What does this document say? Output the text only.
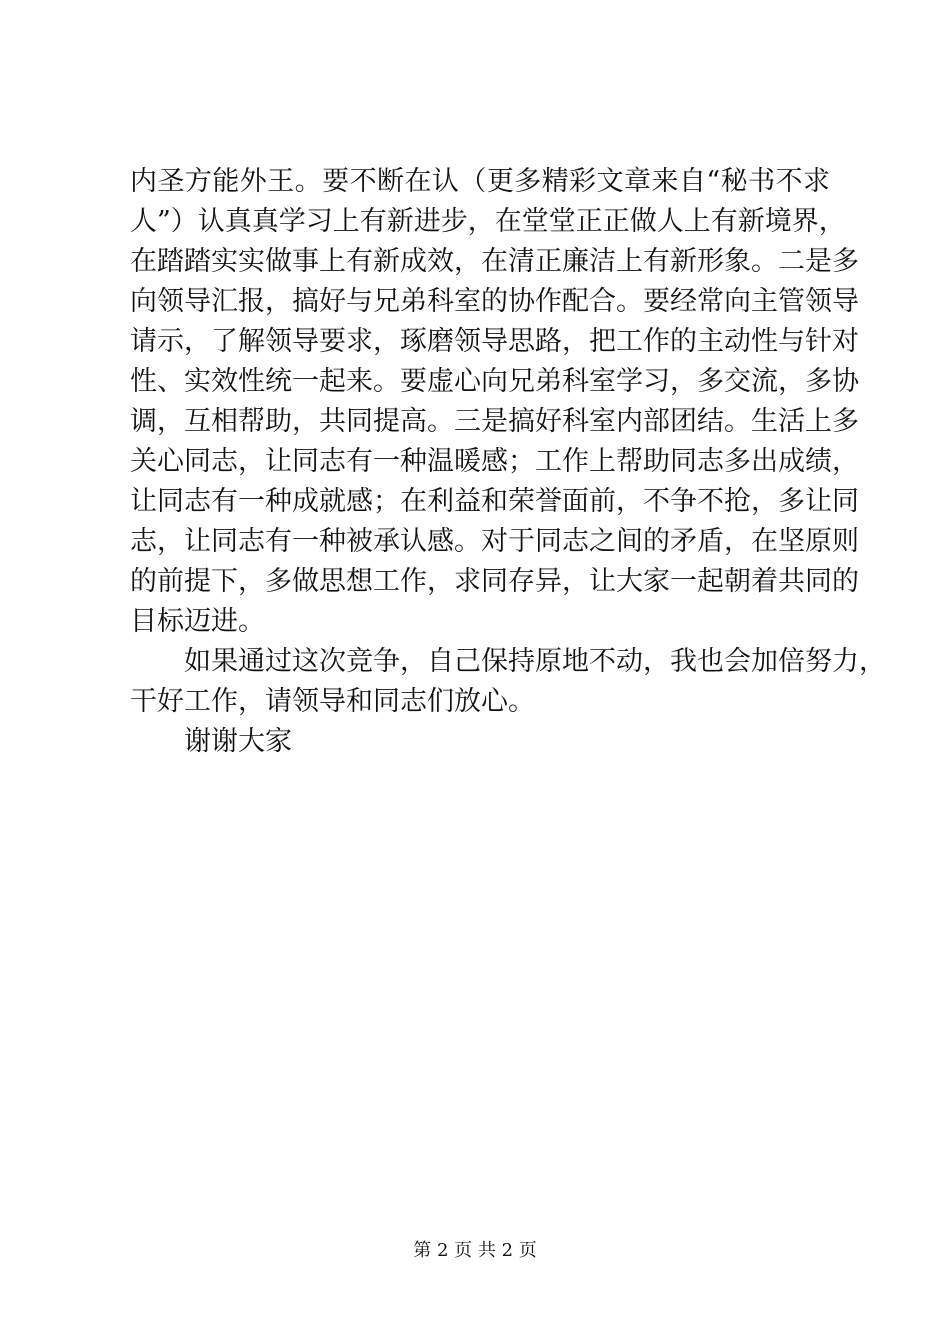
内圣方能外王。要不断在认（更多精彩文章来自“秘书不求
人”）认真真学习上有新进步，在堂堂正正做人上有新境界，
在踏踏实实做事上有新成效，在清正廉洁上有新形象。二是多
向领导汇报，搞好与兄弟科室的协作配合。要经常向主管领导
请示，了解领导要求，琢磨领导思路，把工作的主动性与针对
性、实效性统一起来。要虚心向兄弟科室学习，多交流，多协
调，互相帮助，共同提高。三是搞好科室内部团结。生活上多
关心同志，让同志有一种温暖感；工作上帮助同志多出成绩，
让同志有一种成就感；在利益和荣誉面前，不争不抢，多让同
志，让同志有一种被承认感。对于同志之间的矛盾，在坚原则
的前提下，多做思想工作，求同存异，让大家一起朝着共同的
目标迈进。
如果通过这次竞争，自己保持原地不动，我也会加倍努力，
干好工作，请领导和同志们放心。
谢谢大家
第 2 页 共 2 页
